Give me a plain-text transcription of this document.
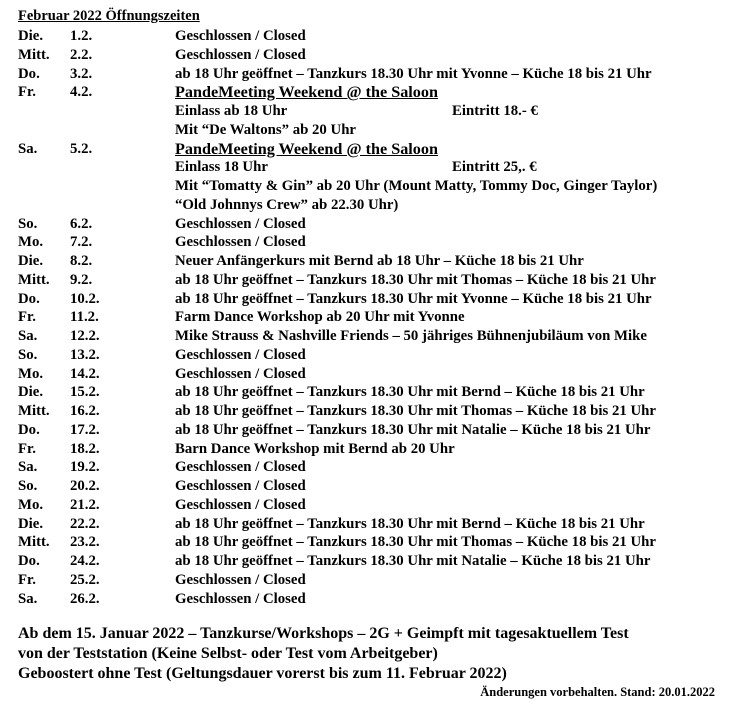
Februar 2022 Öffnungszeiten
Die. 1.2.	Geschlossen / Closed
Mitt. 2.2.	Geschlossen / Closed
Do. 3.2.	ab 18 Uhr geöffnet – Tanzkurs 18.30 Uhr mit Yvonne – Küche 18 bis 21 Uhr
Fr. 4.2.	PandeMeeting Weekend @ the Saloon
Einlass ab 18 Uhr	Eintritt 18.- €
Mit “De Waltons” ab 20 Uhr
Sa. 5.2.	PandeMeeting Weekend @ the Saloon
Einlass 18 Uhr	Eintritt 25,. €
Mit “Tomatty & Gin” ab 20 Uhr (Mount Matty, Tommy Doc, Ginger Taylor)
“Old Johnnys Crew” ab 22.30 Uhr)
So. 6.2.	Geschlossen / Closed
Mo. 7.2.	Geschlossen / Closed
Die. 8.2.	Neuer Anfängerkurs mit Bernd ab 18 Uhr – Küche 18 bis 21 Uhr
Mitt. 9.2.	ab 18 Uhr geöffnet – Tanzkurs 18.30 Uhr mit Thomas – Küche 18 bis 21 Uhr
Do. 10.2.	ab 18 Uhr geöffnet – Tanzkurs 18.30 Uhr mit Yvonne – Küche 18 bis 21 Uhr
Fr. 11.2.	Farm Dance Workshop ab 20 Uhr mit Yvonne
Sa. 12.2.	Mike Strauss & Nashville Friends – 50 jähriges Bühnenjubiläum von Mike
So. 13.2.	Geschlossen / Closed
Mo. 14.2.	Geschlossen / Closed
Die. 15.2.	ab 18 Uhr geöffnet – Tanzkurs 18.30 Uhr mit Bernd – Küche 18 bis 21 Uhr
Mitt. 16.2.	ab 18 Uhr geöffnet – Tanzkurs 18.30 Uhr mit Thomas – Küche 18 bis 21 Uhr
Do. 17.2.	ab 18 Uhr geöffnet – Tanzkurs 18.30 Uhr mit Natalie – Küche 18 bis 21 Uhr
Fr. 18.2.	Barn Dance Workshop mit Bernd ab 20 Uhr
Sa. 19.2.	Geschlossen / Closed
So. 20.2.	Geschlossen / Closed
Mo. 21.2.	Geschlossen / Closed
Die. 22.2.	ab 18 Uhr geöffnet – Tanzkurs 18.30 Uhr mit Bernd – Küche 18 bis 21 Uhr
Mitt. 23.2.	ab 18 Uhr geöffnet – Tanzkurs 18.30 Uhr mit Thomas – Küche 18 bis 21 Uhr
Do. 24.2.	ab 18 Uhr geöffnet – Tanzkurs 18.30 Uhr mit Natalie – Küche 18 bis 21 Uhr
Fr. 25.2.	Geschlossen / Closed
Sa. 26.2.	Geschlossen / Closed
Ab dem 15. Januar 2022 – Tanzkurse/Workshops – 2G + Geimpft mit tagesaktuellem Test
von der Teststation (Keine Selbst- oder Test vom Arbeitgeber)
Geboostert ohne Test (Geltungsdauer vorerst bis zum 11. Februar 2022)
Änderungen vorbehalten. Stand: 20.01.2022
